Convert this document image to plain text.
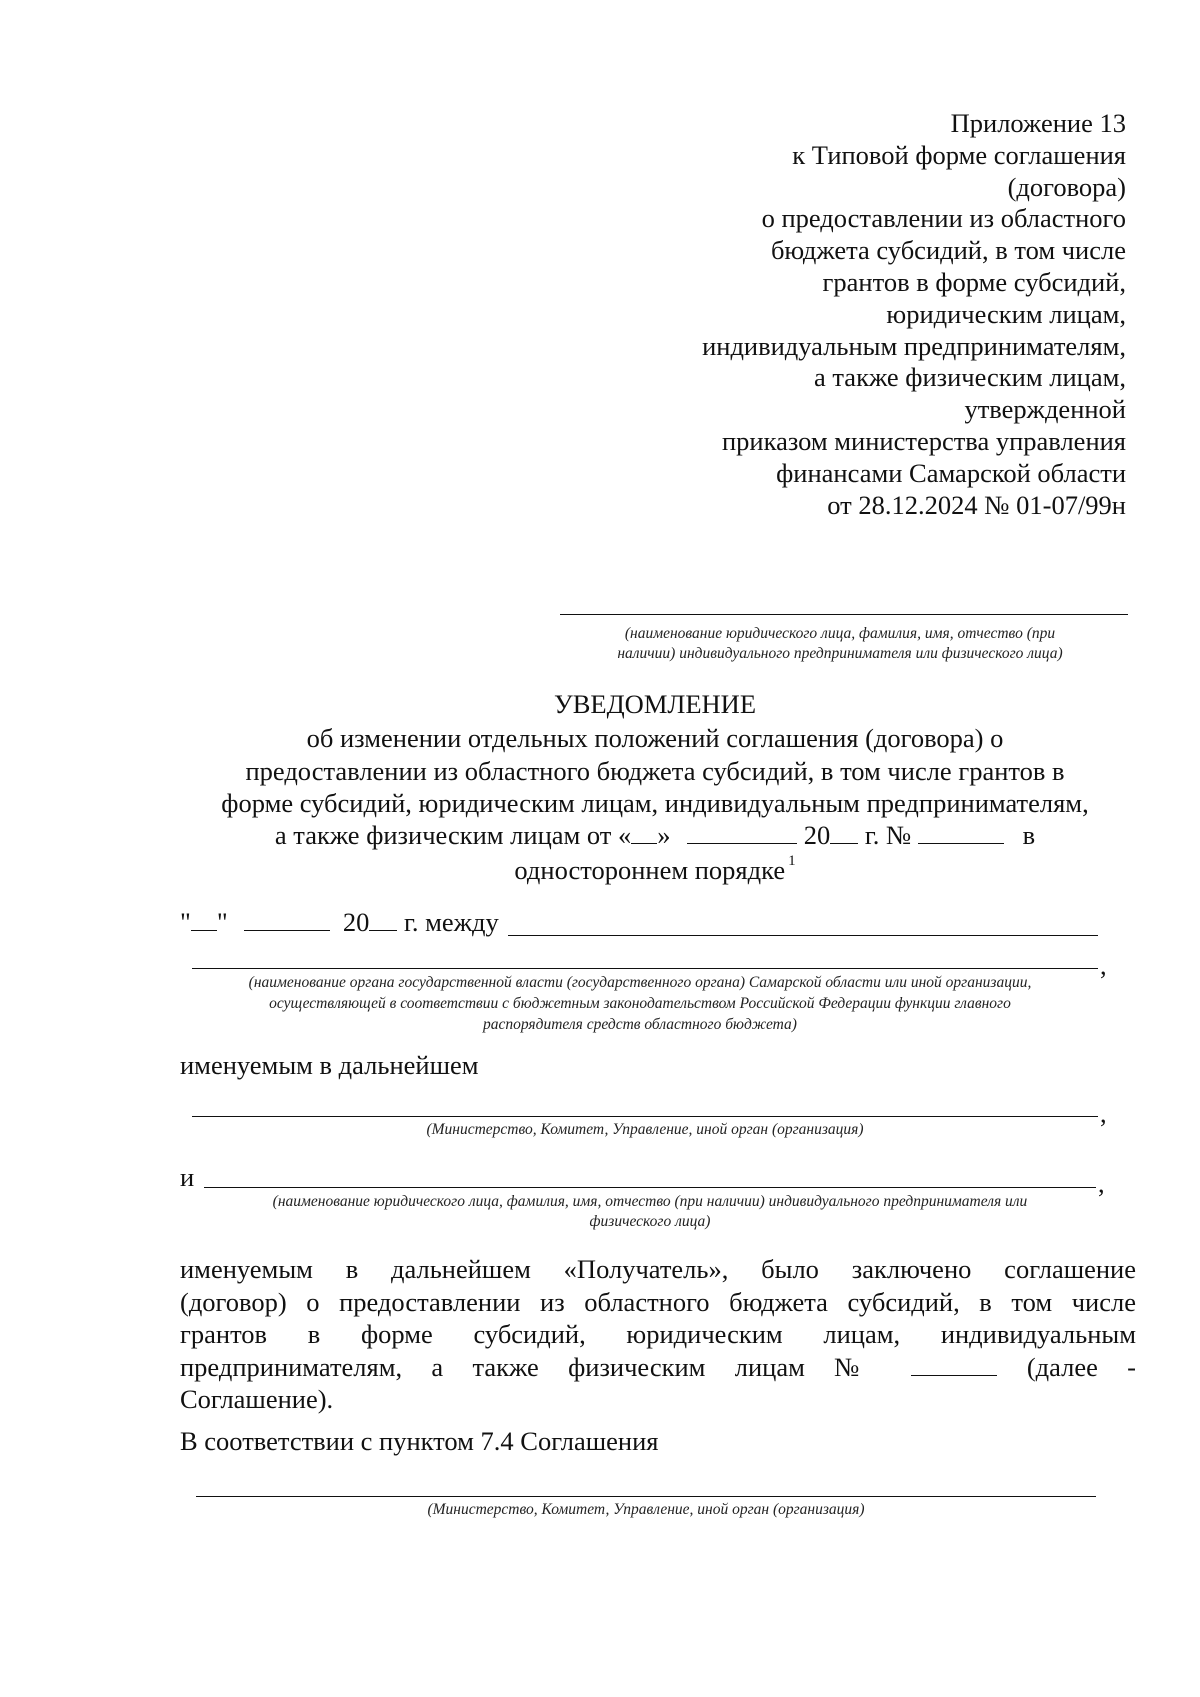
Приложение 13
к Типовой форме соглашения
(договора)
о предоставлении из областного
бюджета субсидий, в том числе
грантов в форме субсидий,
юридическим лицам,
индивидуальным предпринимателям,
а также физическим лицам,
утвержденной
приказом министерства управления
финансами Самарской области
от 28.12.2024 № 01-07/99н
(наименование юридического лица, фамилия, имя, отчество (при
наличии) индивидуального предпринимателя или физического лица)
УВЕДОМЛЕНИЕ
об изменении отдельных положений соглашения (договора) о
предоставлении из областного бюджета субсидий, в том числе грантов в
форме субсидий, юридическим лицам, индивидуальным предпринимателям,
а также физическим лицам от « »	20 г. №	в
одностороннем порядке $^1$
" "	20 г. между
,
(наименование органа государственной власти (государственного органа) Самарской области или иной организации,
осуществляющей в соответствии с бюджетным законодательством Российской Федерации функции главного
распорядителя средств областного бюджета)
именуемым в дальнейшем
,
(Министерство, Комитет, Управление, иной орган (организация)
и	,
(наименование юридического лица, фамилия, имя, отчество (при наличии) индивидуального предпринимателя или
физического лица)
именуемым в дальнейшем «Получатель», было заключено соглашение
(договор) о предоставлении из областного бюджета субсидий, в том числе
грантов в форме субсидий, юридическим лицам, индивидуальным
предпринимателям, а также физическим лицам №	(далее -
Соглашение).
В соответствии с пунктом 7.4 Соглашения
(Министерство, Комитет, Управление, иной орган (организация)
